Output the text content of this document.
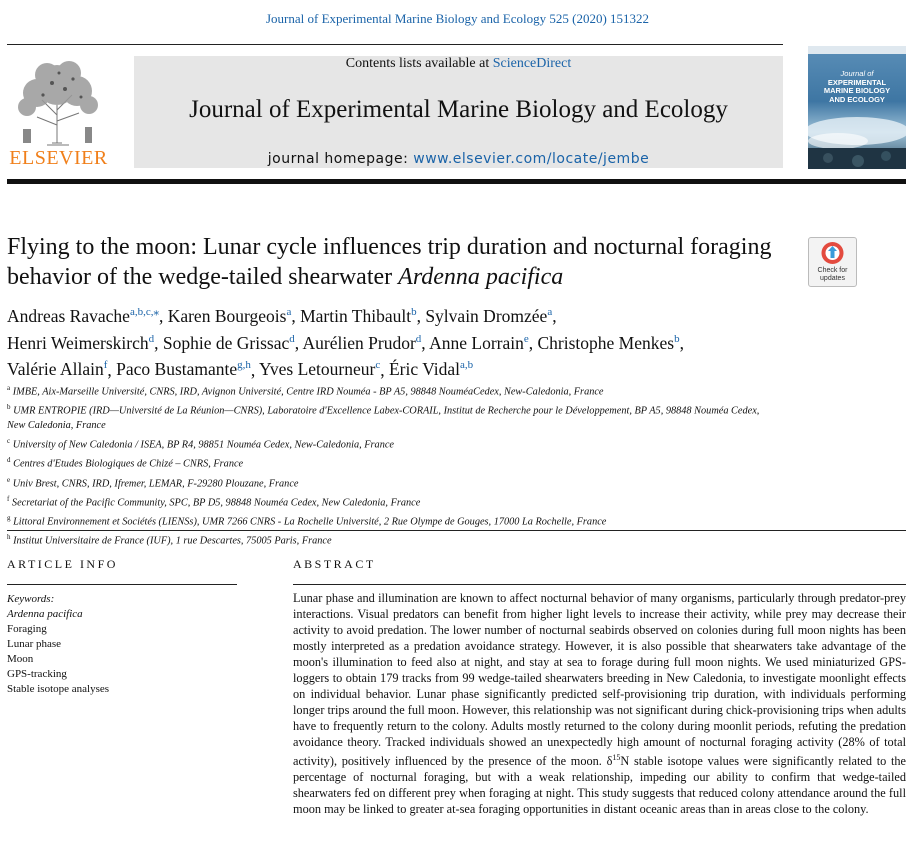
Journal of Experimental Marine Biology and Ecology 525 (2020) 151322
ELSEVIER
Contents lists available at ScienceDirect
Journal of Experimental Marine Biology and Ecology
journal homepage: www.elsevier.com/locate/jembe
Journal of
EXPERIMENTAL
MARINE BIOLOGY
AND ECOLOGY
Flying to the moon: Lunar cycle influences trip duration and nocturnal foraging behavior of the wedge-tailed shearwater Ardenna pacifica	Check for
updates
Andreas Ravache$^{a,b,c,⁎}$, Karen Bourgeois$^a$, Martin Thibault$^b$, Sylvain Dromzée$^a$,
Henri Weimerskirch$^d$, Sophie de Grissac$^d$, Aurélien Prudor$^d$, Anne Lorrain$^e$, Christophe Menkes$^b$,
Valérie Allain$^f$, Paco Bustamante$^{g,h}$, Yves Letourneur$^c$, Éric Vidal$^{a,b}$
$^a$ IMBE, Aix-Marseille Université, CNRS, IRD, Avignon Université, Centre IRD Nouméa - BP A5, 98848 NouméaCedex, New-Caledonia, France
$^b$ UMR ENTROPIE (IRD—Université de La Réunion—CNRS), Laboratoire d'Excellence Labex-CORAIL, Institut de Recherche pour le Développement, BP A5, 98848 Nouméa Cedex, New Caledonia, France
$^c$ University of New Caledonia / ISEA, BP R4, 98851 Nouméa Cedex, New-Caledonia, France
$^d$ Centres d'Etudes Biologiques de Chizé – CNRS, France
$^e$ Univ Brest, CNRS, IRD, Ifremer, LEMAR, F-29280 Plouzane, France
$^f$ Secretariat of the Pacific Community, SPC, BP D5, 98848 Nouméa Cedex, New Caledonia, France
$^g$ Littoral Environnement et Sociétés (LIENSs), UMR 7266 CNRS - La Rochelle Université, 2 Rue Olympe de Gouges, 17000 La Rochelle, France
$^h$ Institut Universitaire de France (IUF), 1 rue Descartes, 75005 Paris, France
ARTICLE INFO
Keywords:
Ardenna pacifica
Foraging
Lunar phase
Moon
GPS-tracking
Stable isotope analyses
ABSTRACT
Lunar phase and illumination are known to affect nocturnal behavior of many organisms, particularly through predator-prey interactions. Visual predators can benefit from higher light levels to increase their activity, while prey may decrease their activity to avoid predation. The lower number of nocturnal seabirds observed on colonies during full moon nights has been mostly interpreted as a predation avoidance strategy. However, it is also possible that shearwaters take advantage of the moon's illumination to feed also at night, and stay at sea to forage during full moon nights. We used miniaturized GPS-loggers to obtain 179 tracks from 99 wedge-tailed shearwaters breeding in New Caledonia, to investigate moonlight effects on individual behavior. Lunar phase significantly predicted self-provisioning trip duration, with individuals performing longer trips around the full moon. However, this relationship was not significant during chick-provisioning trips when adults have to frequently return to the colony. Adults mostly returned to the colony during moonlit periods, refuting the predation avoidance theory. Tracked individuals showed an unexpectedly high amount of nocturnal foraging activity (28% of total activity), positively influenced by the presence of the moon. $\delta^{15}N$ stable isotope values were significantly related to the percentage of nocturnal foraging, but with a weak relationship, impeding our ability to confirm that wedge-tailed shearwaters fed on different prey when foraging at night. This study suggests that reduced colony attendance around the full moon may be linked to greater at-sea foraging opportunities in distant oceanic areas than in areas close to the colony.
